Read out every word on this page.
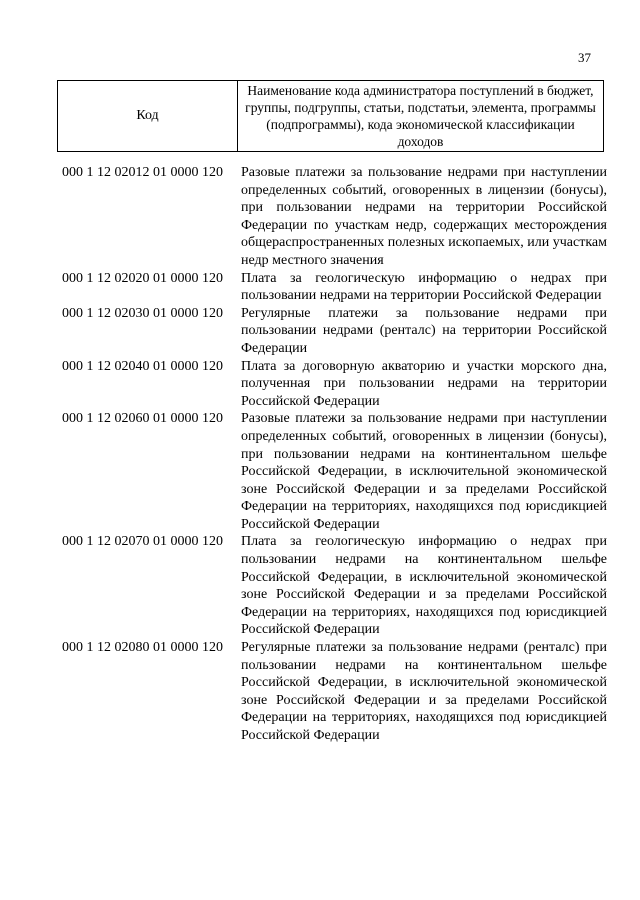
37
Код	Наименование кода администратора поступлений в бюджет, группы, подгруппы, статьи, подстатьи, элемента, программы (подпрограммы), кода экономической классификации доходов
000 1 12 02012 01 0000 120	Разовые платежи за пользование недрами при наступлении определенных событий, оговоренных в лицензии (бонусы), при пользовании недрами на территории Российской Федерации по участкам недр, содержащих месторождения общераспространенных полезных ископаемых, или участкам недр местного значения
000 1 12 02020 01 0000 120	Плата за геологическую информацию о недрах при пользовании недрами на территории Российской Федерации
000 1 12 02030 01 0000 120	Регулярные платежи за пользование недрами при пользовании недрами (ренталс) на территории Российской Федерации
000 1 12 02040 01 0000 120	Плата за договорную акваторию и участки морского дна, полученная при пользовании недрами на территории Российской Федерации
000 1 12 02060 01 0000 120	Разовые платежи за пользование недрами при наступлении определенных событий, оговоренных в лицензии (бонусы), при пользовании недрами на континентальном шельфе Российской Федерации, в исключительной экономической зоне Российской Федерации и за пределами Российской Федерации на территориях, находящихся под юрисдикцией Российской Федерации
000 1 12 02070 01 0000 120	Плата за геологическую информацию о недрах при пользовании недрами на континентальном шельфе Российской Федерации, в исключительной экономической зоне Российской Федерации и за пределами Российской Федерации на территориях, находящихся под юрисдикцией Российской Федерации
000 1 12 02080 01 0000 120	Регулярные платежи за пользование недрами (ренталс) при пользовании недрами на континентальном шельфе Российской Федерации, в исключительной экономической зоне Российской Федерации и за пределами Российской Федерации на территориях, находящихся под юрисдикцией Российской Федерации
